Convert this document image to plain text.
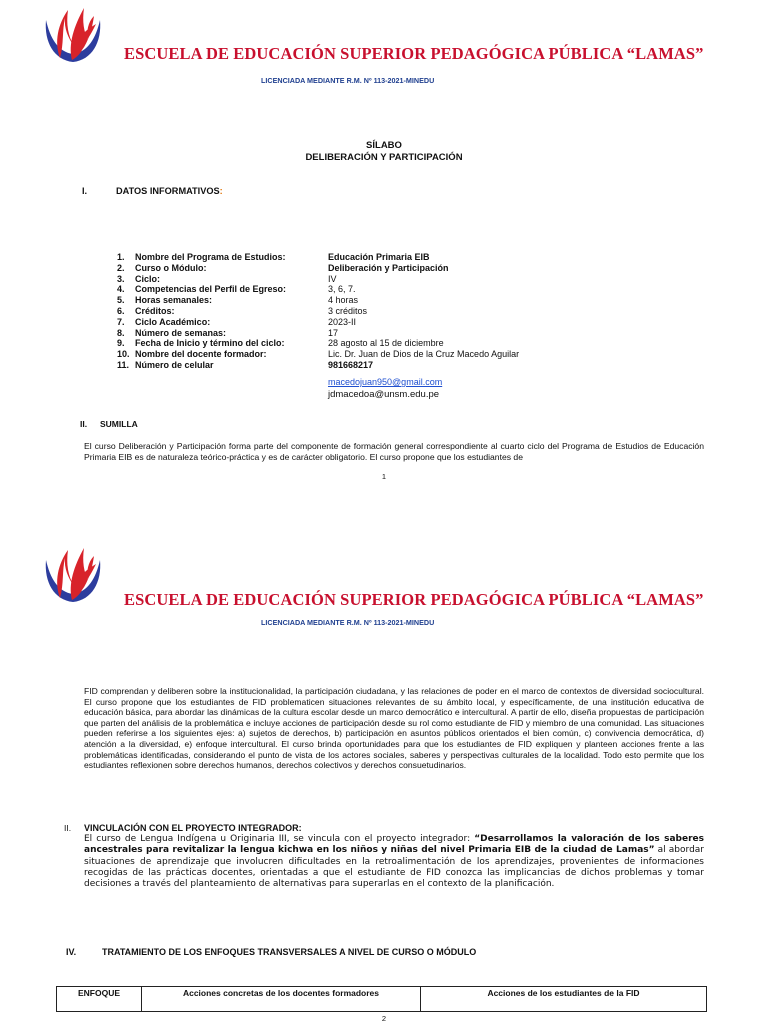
ESCUELA DE EDUCACIÓN SUPERIOR PEDAGÓGICA PÚBLICA “LAMAS”
LICENCIADA MEDIANTE R.M. Nº 113-2021-MINEDU
SÍLABO
DELIBERACIÓN Y PARTICIPACIÓN
I.	DATOS INFORMATIVOS:
1. Nombre del Programa de Estudios:	Educación Primaria EIB
2. Curso o Módulo:	Deliberación y Participación
3. Ciclo:	IV
4. Competencias del Perfil de Egreso:	3, 6, 7.
5. Horas semanales:	4 horas
6. Créditos:	3 créditos
7. Ciclo Académico:	2023-II
8. Número de semanas:	17
9. Fecha de Inicio y término del ciclo:	28 agosto al 15 de diciembre
10. Nombre del docente formador:	Lic. Dr. Juan de Dios de la Cruz Macedo Aguilar
11. Número de celular	981668217
macedojuan950@gmail.com
jdmacedoa@unsm.edu.pe
II. SUMILLA
El curso Deliberación y Participación forma parte del componente de formación general correspondiente al cuarto ciclo del Programa de Estudios de Educación Primaria EIB es de naturaleza teórico-práctica y es de carácter obligatorio. El curso propone que los estudiantes de
1
ESCUELA DE EDUCACIÓN SUPERIOR PEDAGÓGICA PÚBLICA “LAMAS”
LICENCIADA MEDIANTE R.M. Nº 113-2021-MINEDU
FID comprendan y deliberen sobre la institucionalidad, la participación ciudadana, y las relaciones de poder en el marco de contextos de diversidad sociocultural. El curso propone que los estudiantes de FID problematicen situaciones relevantes de su ámbito local, y específicamente, de una institución educativa de educación básica, para abordar las dinámicas de la cultura escolar desde un marco democrático e intercultural. A partir de ello, diseña propuestas de participación que parten del análisis de la problemática e incluye acciones de participación desde su rol como estudiante de FID y miembro de una comunidad. Las situaciones pueden referirse a los siguientes ejes: a) sujetos de derechos, b) participación en asuntos públicos orientados el bien común, c) convivencia democrática, d) atención a la diversidad, e) enfoque intercultural. El curso brinda oportunidades para que los estudiantes de FID expliquen y planteen acciones frente a las problemáticas identificadas, considerando el punto de vista de los actores sociales, saberes y perspectivas culturales de la localidad. Todo esto permite que los estudiantes reflexionen sobre derechos humanos, derechos colectivos y derechos consuetudinarios.
II. VINCULACIÓN CON EL PROYECTO INTEGRADOR:
El curso de Lengua Indígena u Originaria III, se vincula con el proyecto integrador: “Desarrollamos la valoración de los saberes ancestrales para revitalizar la lengua kichwa en los niños y niñas del nivel Primaria EIB de la ciudad de Lamas” al abordar situaciones de aprendizaje que involucren dificultades en la retroalimentación de los aprendizajes, provenientes de informaciones recogidas de las prácticas docentes, orientadas a que el estudiante de FID conozca las implicancias de dichos problemas y tomar decisiones a través del planteamiento de alternativas para superarlas en el contexto de la planificación.
IV.	TRATAMIENTO DE LOS ENFOQUES TRANSVERSALES A NIVEL DE CURSO O MÓDULO
ENFOQUE	Acciones concretas de los docentes formadores	Acciones de los estudiantes de la FID
2
